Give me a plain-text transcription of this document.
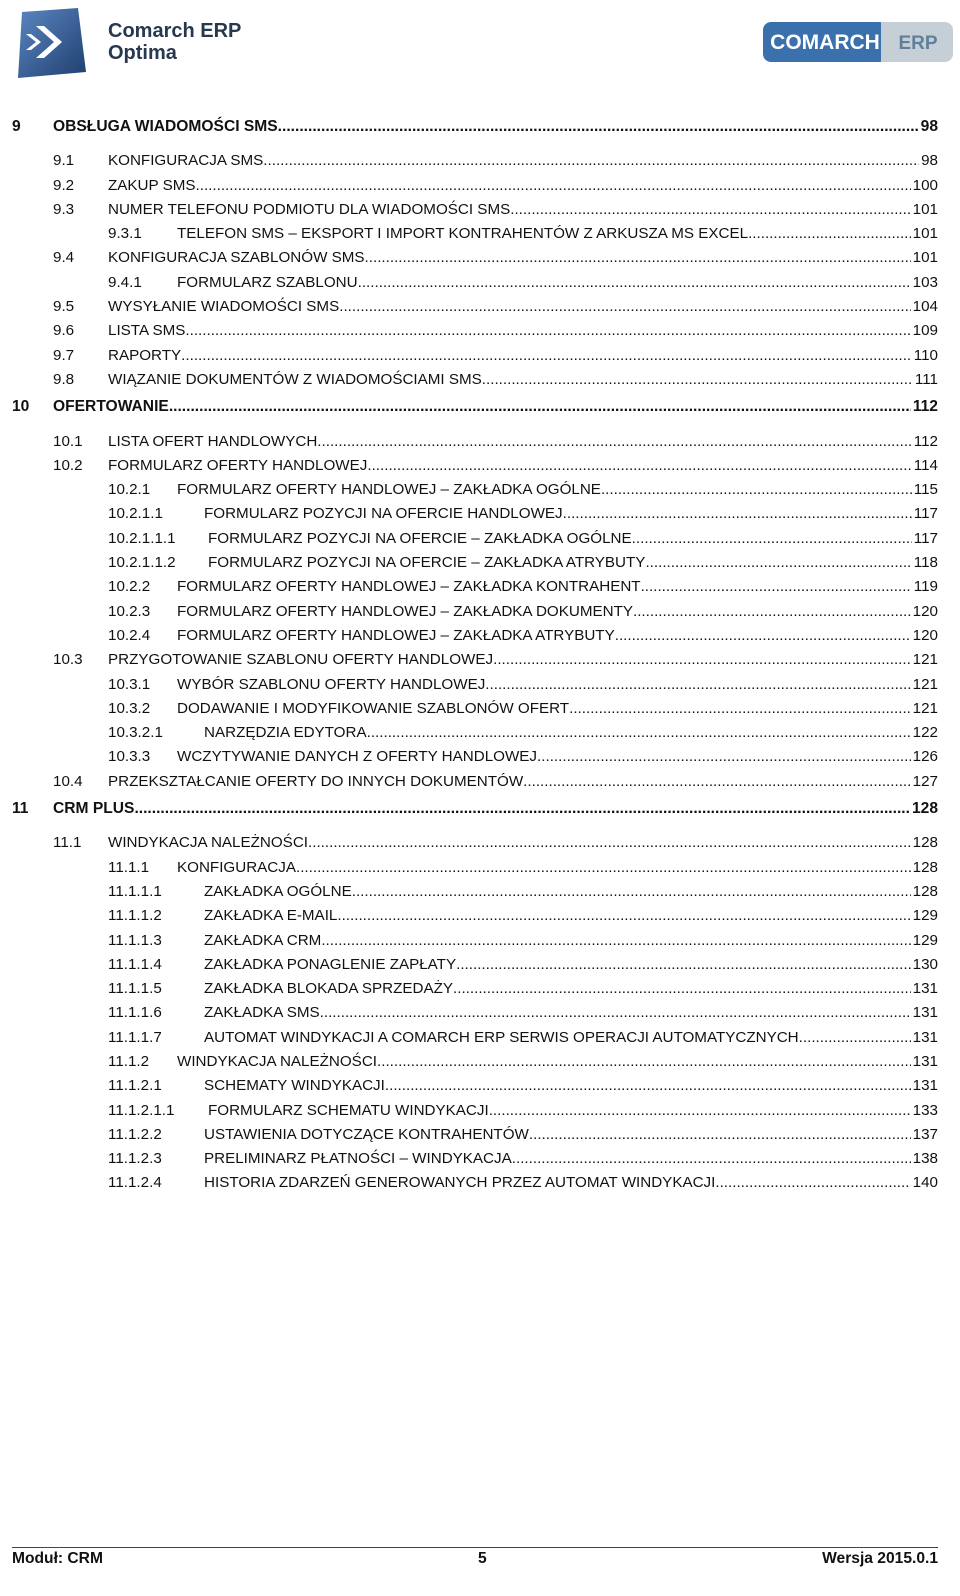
Comarch ERP
Optima	COMARCH ERP
9 OBSŁUGA WIADOMOŚCI SMS .....	98
9.1 KONFIGURACJA SMS .....	98
9.2 ZAKUP SMS .....	100
9.3 NUMER TELEFONU PODMIOTU DLA WIADOMOŚCI SMS .....	101
9.3.1 TELEFON SMS – EKSPORT I IMPORT KONTRAHENTÓW Z ARKUSZA MS EXCEL .....	101
9.4 KONFIGURACJA SZABLONÓW SMS .....	101
9.4.1 FORMULARZ SZABLONU .....	103
9.5 WYSYŁANIE WIADOMOŚCI SMS .....	104
9.6 LISTA SMS .....	109
9.7 RAPORTY .....	110
9.8 WIĄZANIE DOKUMENTÓW Z WIADOMOŚCIAMI SMS .....	111
10 OFERTOWANIE .....	112
10.1 LISTA OFERT HANDLOWYCH .....	112
10.2 FORMULARZ OFERTY HANDLOWEJ .....	114
10.2.1 FORMULARZ OFERTY HANDLOWEJ – ZAKŁADKA OGÓLNE .....	115
10.2.1.1	FORMULARZ POZYCJI NA OFERCIE HANDLOWEJ .....	117
10.2.1.1.1 FORMULARZ POZYCJI NA OFERCIE – ZAKŁADKA OGÓLNE .....	117
10.2.1.1.2 FORMULARZ POZYCJI NA OFERCIE – ZAKŁADKA ATRYBUTY .....	118
10.2.2 FORMULARZ OFERTY HANDLOWEJ – ZAKŁADKA KONTRAHENT .....	119
10.2.3 FORMULARZ OFERTY HANDLOWEJ – ZAKŁADKA DOKUMENTY .....	120
10.2.4 FORMULARZ OFERTY HANDLOWEJ – ZAKŁADKA ATRYBUTY .....	120
10.3 PRZYGOTOWANIE SZABLONU OFERTY HANDLOWEJ .....	121
10.3.1 WYBÓR SZABLONU OFERTY HANDLOWEJ .....	121
10.3.2 DODAWANIE I MODYFIKOWANIE SZABLONÓW OFERT .....	121
10.3.2.1	NARZĘDZIA EDYTORA .....	122
10.3.3 WCZYTYWANIE DANYCH Z OFERTY HANDLOWEJ .....	126
10.4 PRZEKSZTAŁCANIE OFERTY DO INNYCH DOKUMENTÓW .....	127
11 CRM PLUS .....	128
11.1 WINDYKACJA NALEŻNOŚCI .....	128
11.1.1 KONFIGURACJA .....	128
11.1.1.1	ZAKŁADKA OGÓLNE .....	128
11.1.1.2	ZAKŁADKA E-MAIL .....	129
11.1.1.3	ZAKŁADKA CRM .....	129
11.1.1.4	ZAKŁADKA PONAGLENIE ZAPŁATY .....	130
11.1.1.5	ZAKŁADKA BLOKADA SPRZEDAŻY .....	131
11.1.1.6	ZAKŁADKA SMS .....	131
11.1.1.7	AUTOMAT WINDYKACJI A COMARCH ERP SERWIS OPERACJI AUTOMATYCZNYCH .....	131
11.1.2 WINDYKACJA NALEŻNOŚCI .....	131
11.1.2.1	SCHEMATY WINDYKACJI .....	131
11.1.2.1.1 FORMULARZ SCHEMATU WINDYKACJI .....	133
11.1.2.2	USTAWIENIA DOTYCZĄCE KONTRAHENTÓW .....	137
11.1.2.3	PRELIMINARZ PŁATNOŚCI – WINDYKACJA .....	138
11.1.2.4	HISTORIA ZDARZEŃ GENEROWANYCH PRZEZ AUTOMAT WINDYKACJI .....	140
Moduł: CRM	5	Wersja 2015.0.1
